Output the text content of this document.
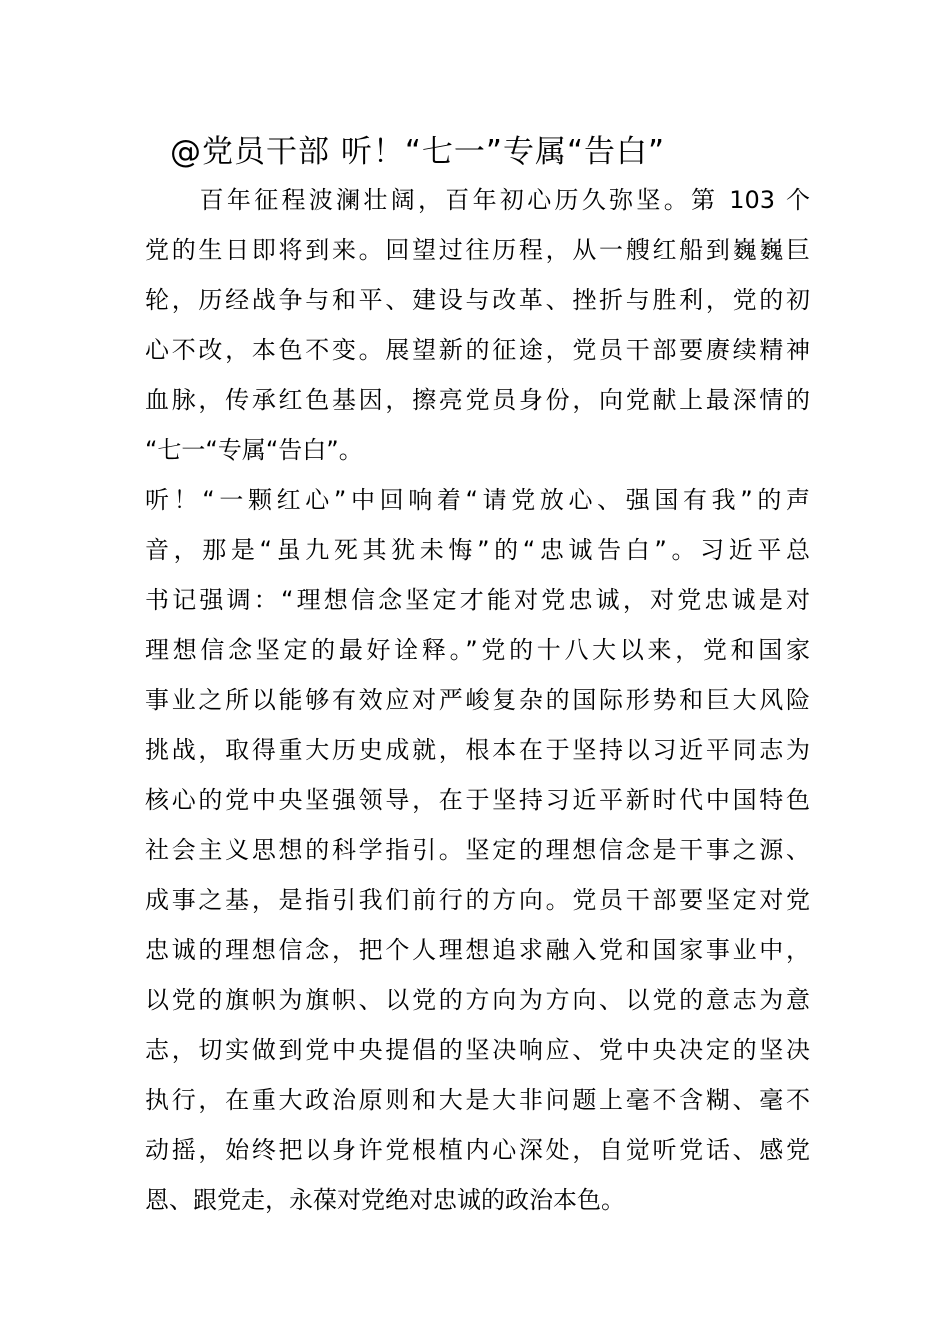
@党员干部 听！“七一”专属“告白”

　　百年征程波澜壮阔，百年初心历久弥坚。第 103 个

党的生日即将到来。回望过往历程，从一艘红船到巍巍巨

轮，历经战争与和平、建设与改革、挫折与胜利，党的初

心不改，本色不变。展望新的征途，党员干部要赓续精神

血脉，传承红色基因，擦亮党员身份，向党献上最深情的

“七一“专属“告白”。

听！“一颗红心”中回响着“请党放心、强国有我”的声

音，那是“虽九死其犹未悔”的“忠诚告白”。习近平总

书记强调：“理想信念坚定才能对党忠诚，对党忠诚是对

理想信念坚定的最好诠释。”党的十八大以来，党和国家

事业之所以能够有效应对严峻复杂的国际形势和巨大风险

挑战，取得重大历史成就，根本在于坚持以习近平同志为

核心的党中央坚强领导，在于坚持习近平新时代中国特色

社会主义思想的科学指引。坚定的理想信念是干事之源、

成事之基，是指引我们前行的方向。党员干部要坚定对党

忠诚的理想信念，把个人理想追求融入党和国家事业中，

以党的旗帜为旗帜、以党的方向为方向、以党的意志为意

志，切实做到党中央提倡的坚决响应、党中央决定的坚决

执行，在重大政治原则和大是大非问题上毫不含糊、毫不

动摇，始终把以身许党根植内心深处，自觉听党话、感党

恩、跟党走，永葆对党绝对忠诚的政治本色。
